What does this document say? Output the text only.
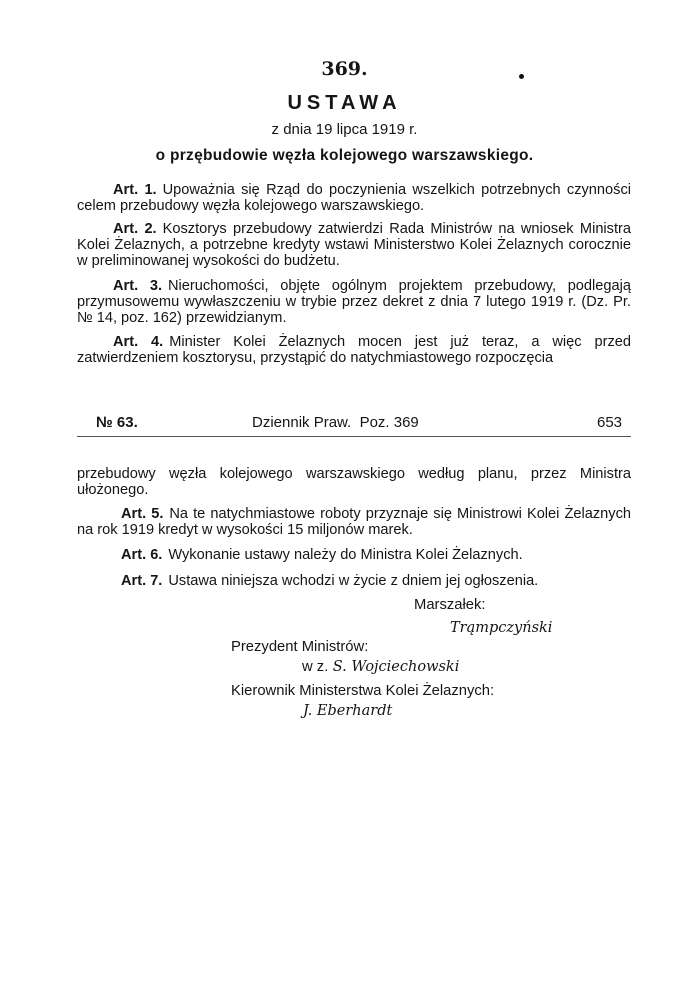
369.
USTAWA
z dnia 19 lipca 1919 r.
o przębudowie węzła kolejowego warszawskiego.
Art. 1. Upoważnia się Rząd do poczynienia wszelkich potrzebnych czynności celem przebudowy węzła kolejowego warszawskiego.
Art. 2. Kosztorys przebudowy zatwierdzi Rada Ministrów na wniosek Ministra Kolei Żelaznych, a potrzebne kredyty wstawi Ministerstwo Kolei Żelaznych corocznie w preliminowanej wysokości do budżetu.
Art. 3. Nieruchomości, objęte ogólnym projektem przebudowy, podlegają przymusowemu wywłaszczeniu w trybie przez dekret z dnia 7 lutego 1919 r. (Dz. Pr. № 14, poz. 162) przewidzianym.
Art. 4. Minister Kolei Żelaznych mocen jest już teraz, a więc przed zatwierdzeniem kosztorysu, przystąpić do natychmiastowego rozpoczęcia
№ 63.	Dziennik Praw. Poz. 369	653
przebudowy węzła kolejowego warszawskiego według planu, przez Ministra ułożonego.
Art. 5. Na te natychmiastowe roboty przyznaje się Ministrowi Kolei Żelaznych na rok 1919 kredyt w wysokości 15 miljonów marek.
Art. 6. Wykonanie ustawy należy do Ministra Kolei Żelaznych.
Art. 7. Ustawa niniejsza wchodzi w życie z dniem jej ogłoszenia.
Marszałek:
Trąmpczyński
Prezydent Ministrów:
w z. S. Wojciechowski
Kierownik Ministerstwa Kolei Żelaznych:
J. Eberhardt
